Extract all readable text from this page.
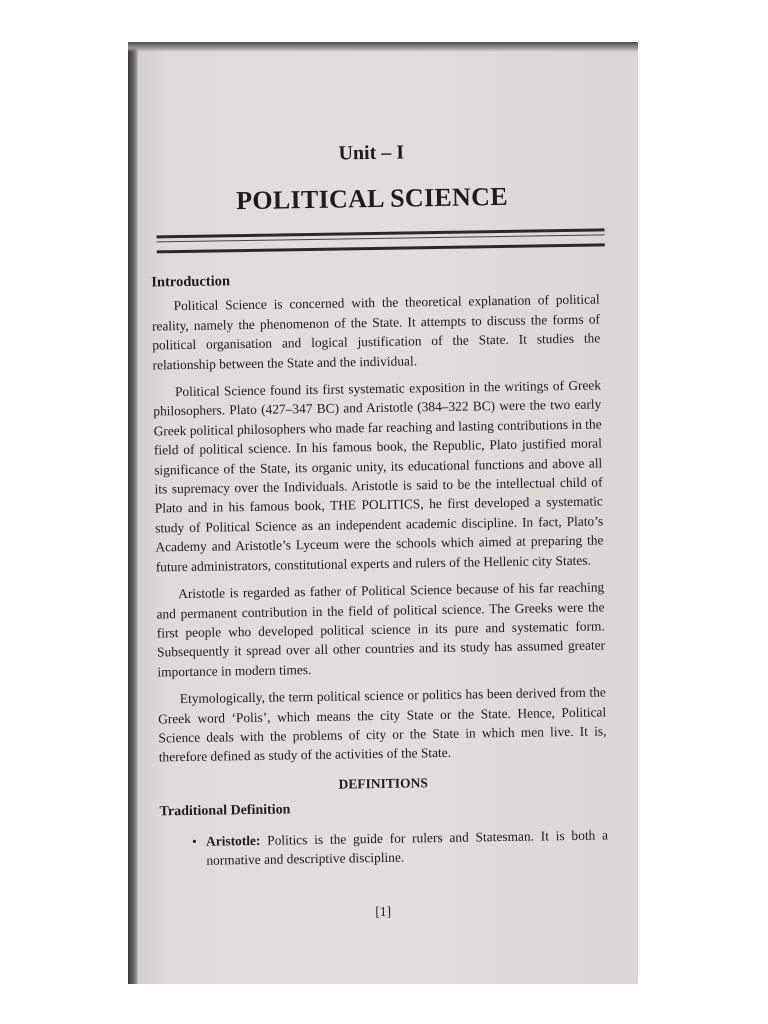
Unit – I
POLITICAL SCIENCE
Introduction

Political Science is concerned with the theoretical explanation of political reality, namely the phenomenon of the State. It attempts to discuss the forms of political organisation and logical justification of the State. It studies the relationship between the State and the individual.

Political Science found its first systematic exposition in the writings of Greek philosophers. Plato (427–347 BC) and Aristotle (384–322 BC) were the two early Greek political philosophers who made far reaching and lasting contributions in the field of political science. In his famous book, the Republic, Plato justified moral significance of the State, its organic unity, its educational functions and above all its supremacy over the Individuals. Aristotle is said to be the intellectual child of Plato and in his famous book, THE POLITICS, he first developed a systematic study of Political Science as an independent academic discipline. In fact, Plato’s Academy and Aristotle’s Lyceum were the schools which aimed at preparing the future administrators, constitutional experts and rulers of the Hellenic city States.

Aristotle is regarded as father of Political Science because of his far reaching and permanent contribution in the field of political science. The Greeks were the first people who developed political science in its pure and systematic form. Subsequently it spread over all other countries and its study has assumed greater importance in modern times.

Etymologically, the term political science or politics has been derived from the Greek word ‘Polis’, which means the city State or the State. Hence, Political Science deals with the problems of city or the State in which men live. It is, therefore defined as study of the activities of the State.

DEFINITIONS
Traditional Definition
• Aristotle: Politics is the guide for rulers and Statesman. It is both a normative and descriptive discipline.
[1]
